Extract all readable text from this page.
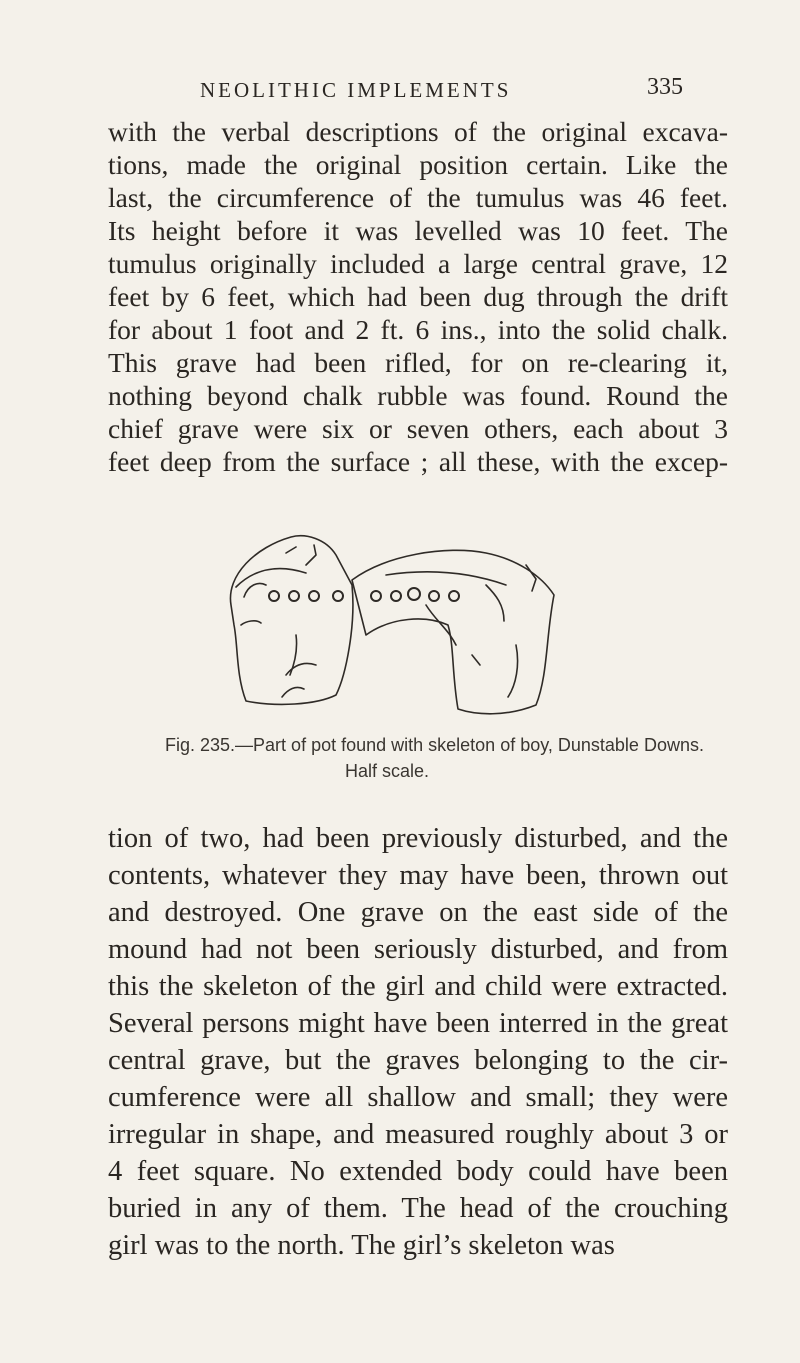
NEOLITHIC IMPLEMENTS	335
with the verbal descriptions of the original excava-
tions, made the original position certain. Like the
last, the circumference of the tumulus was 46 feet.
Its height before it was levelled was 10 feet. The
tumulus originally included a large central grave, 12
feet by 6 feet, which had been dug through the drift
for about 1 foot and 2 ft. 6 ins., into the solid chalk.
This grave had been rifled, for on re-clearing it,
nothing beyond chalk rubble was found. Round the
chief grave were six or seven others, each about 3
feet deep from the surface ; all these, with the excep-
Fig. 235.—Part of pot found with skeleton of boy, Dunstable Downs.
Half scale.
tion of two, had been previously disturbed, and the
contents, whatever they may have been, thrown out
and destroyed. One grave on the east side of the
mound had not been seriously disturbed, and from
this the skeleton of the girl and child were extracted.
Several persons might have been interred in the great
central grave, but the graves belonging to the cir-
cumference were all shallow and small; they were
irregular in shape, and measured roughly about 3 or
4 feet square. No extended body could have been
buried in any of them. The head of the crouching
girl was to the north. The girl’s skeleton was
